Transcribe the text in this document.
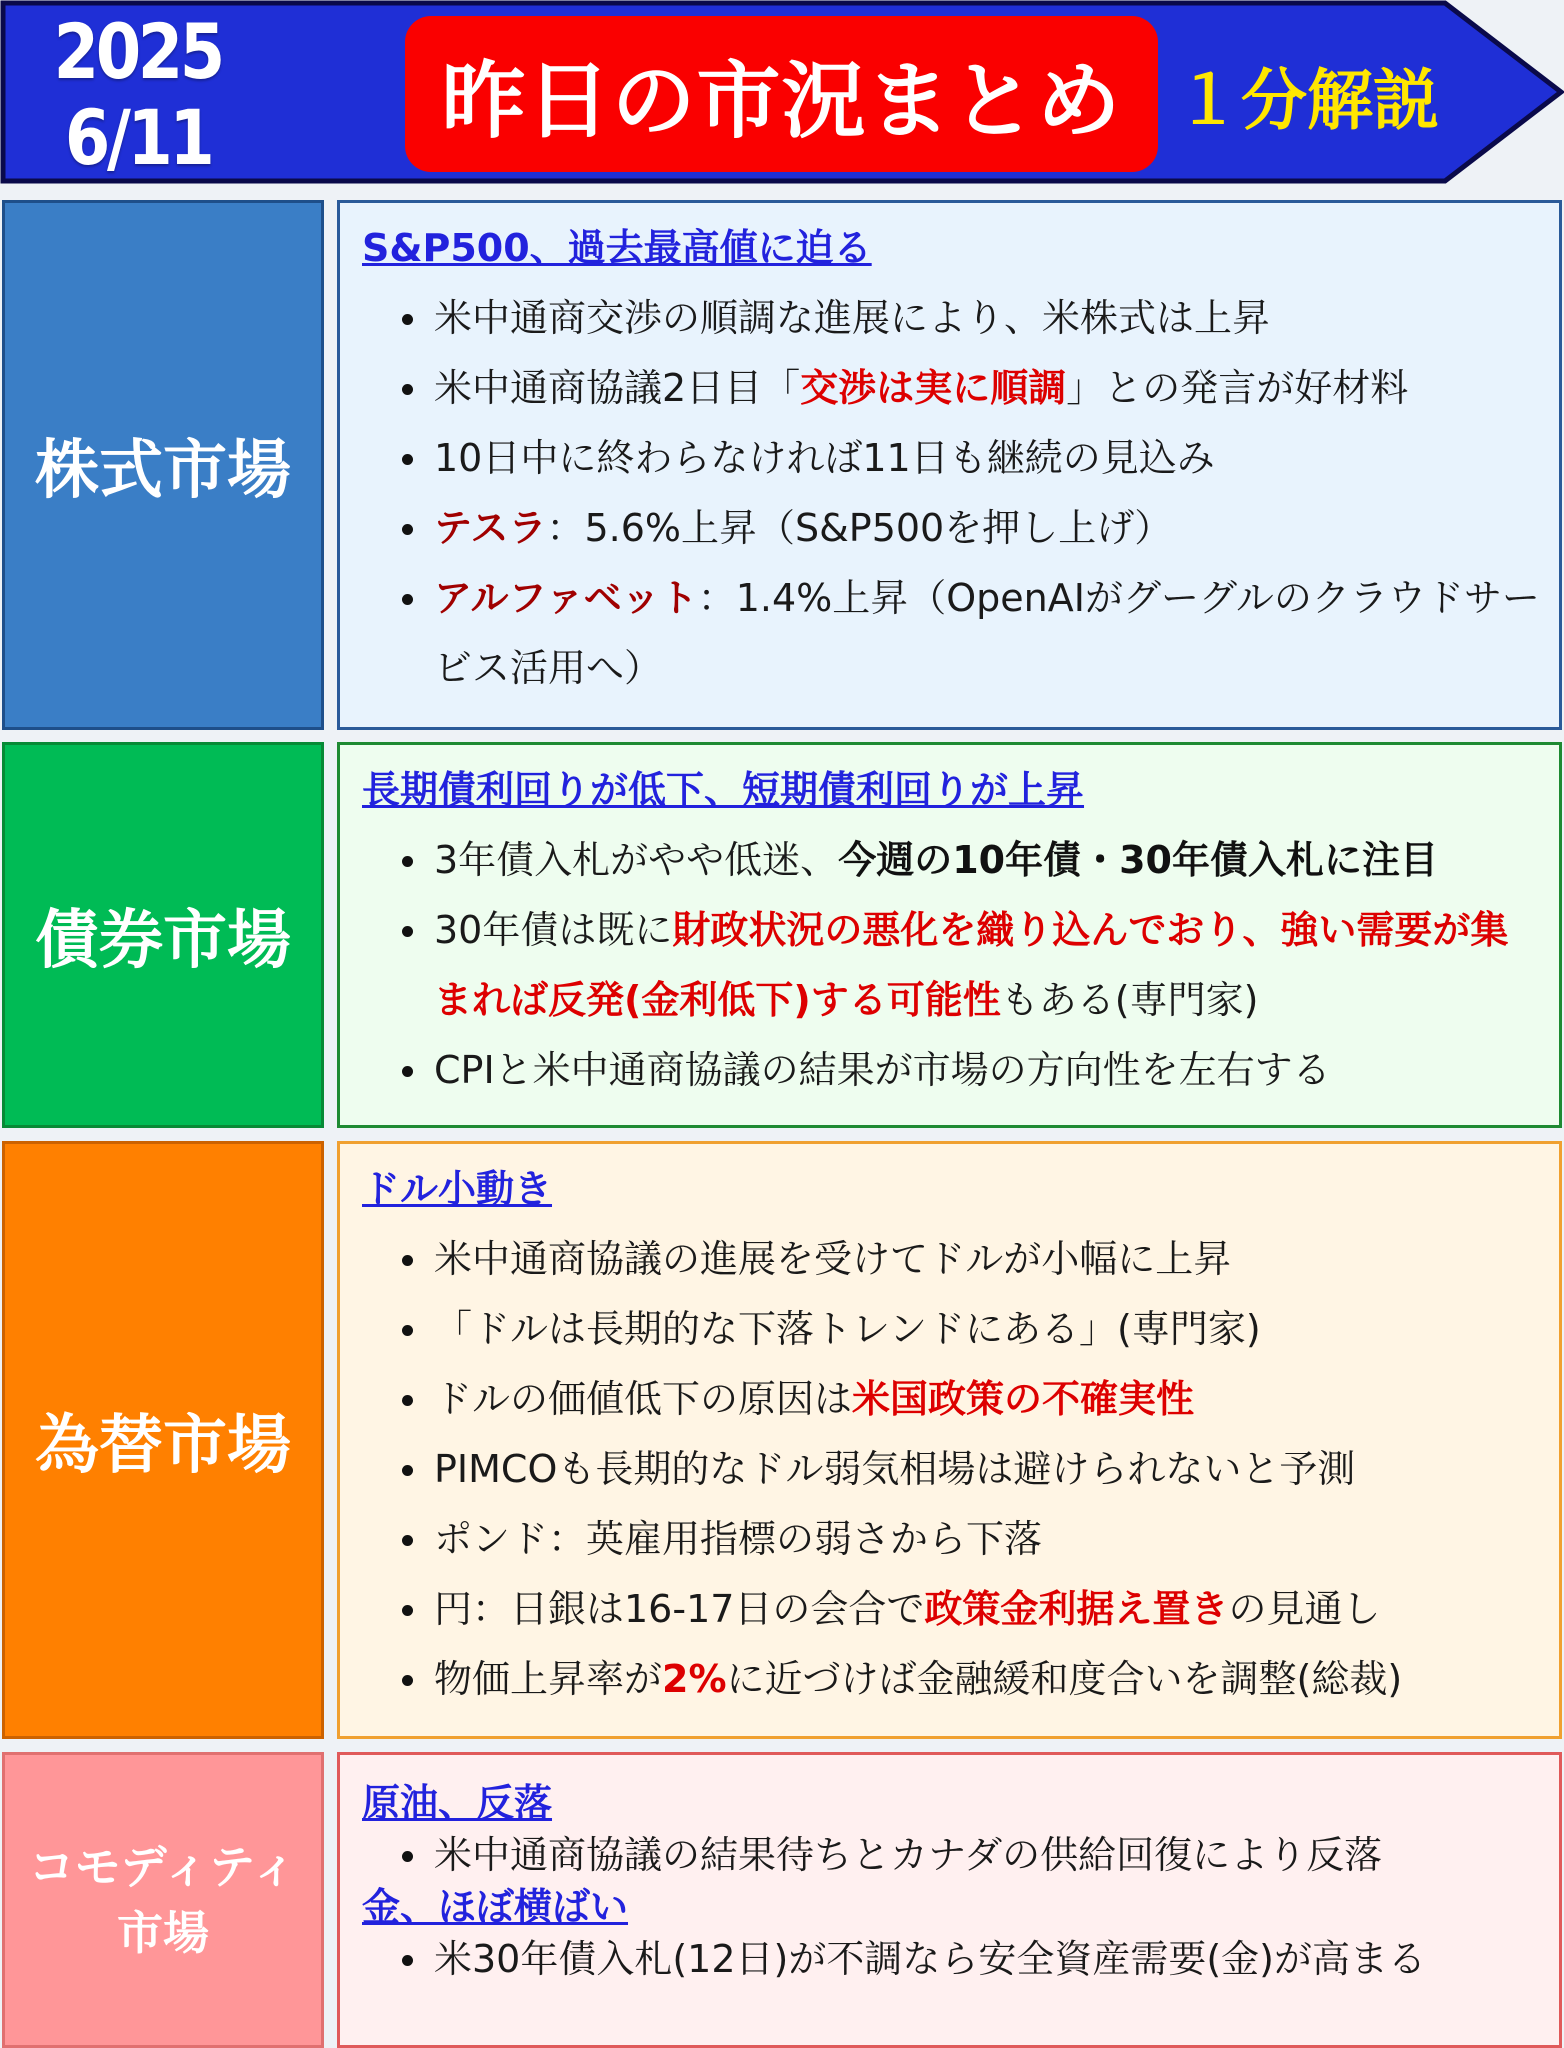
2025
6/11	昨日の市況まとめ １分解説
株式市場
S&P500、過去最高値に迫る
米中通商交渉の順調な進展により、米株式は上昇
米中通商協議2日目「交渉は実に順調」との発言が好材料
10日中に終わらなければ11日も継続の見込み
テスラ：5.6%上昇（S&P500を押し上げ）
アルファベット：1.4%上昇（OpenAIがグーグルのクラウドサービス活用へ）
債券市場
長期債利回りが低下、短期債利回りが上昇
3年債入札がやや低迷、今週の10年債・30年債入札に注目
30年債は既に財政状況の悪化を織り込んでおり、強い需要が集まれば反発(金利低下)する可能性もある(専門家)
CPIと米中通商協議の結果が市場の方向性を左右する
為替市場
ドル小動き
米中通商協議の進展を受けてドルが小幅に上昇
「ドルは長期的な下落トレンドにある」(専門家)
ドルの価値低下の原因は米国政策の不確実性
PIMCOも長期的なドル弱気相場は避けられないと予測
ポンド：英雇用指標の弱さから下落
円：日銀は16-17日の会合で政策金利据え置きの見通し
物価上昇率が2%に近づけば金融緩和度合いを調整(総裁)
コモディティ市場
原油、反落
米中通商協議の結果待ちとカナダの供給回復により反落
金、ほぼ横ばい
米30年債入札(12日)が不調なら安全資産需要(金)が高まる
